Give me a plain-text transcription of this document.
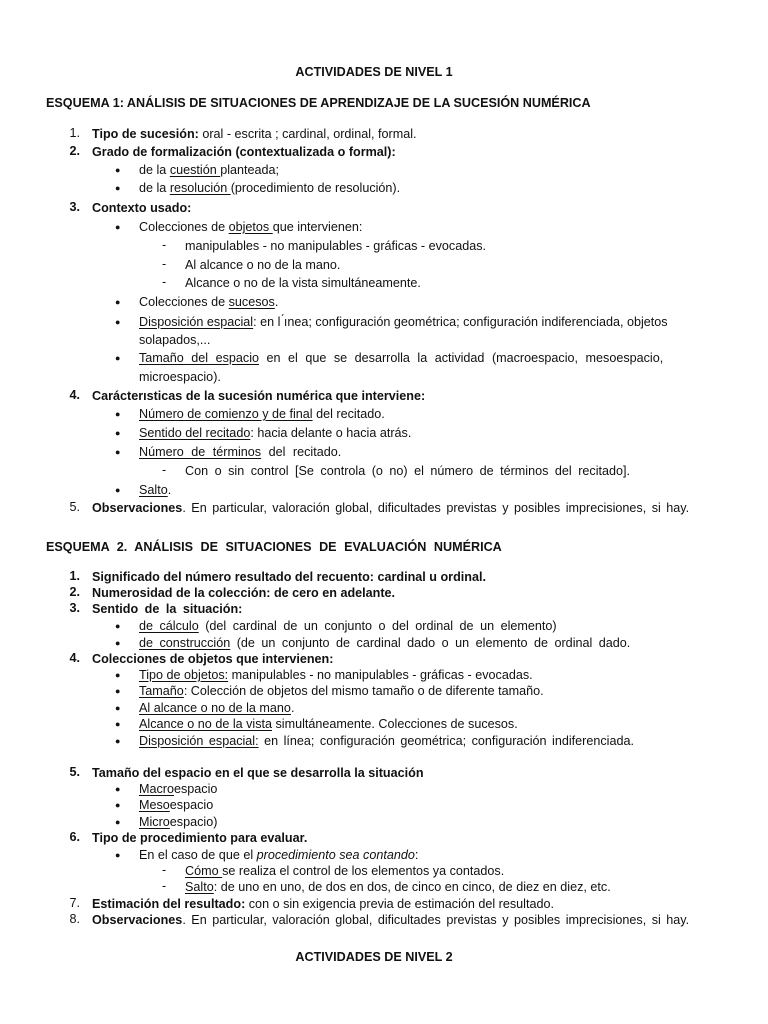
ACTIVIDADES DE NIVEL 1
ESQUEMA 1: ANÁLISIS DE SITUACIONES DE APRENDIZAJE DE LA SUCESIÓN NUMÉRICA
1. Tipo de sucesión: oral - escrita ; cardinal, ordinal, formal.
2. Grado de formalización (contextualizada o formal):
● de la cuestión planteada;
● de la resolución (procedimiento de resolución).
3. Contexto usado:
● Colecciones de objetos que intervienen:
- manipulables - no manipulables - gráficas - evocadas.
- Al alcance o no de la mano.
- Alcance o no de la vista simultáneamente.
● Colecciones de sucesos.
● Disposición espacial: en l ́ınea; configuración geométrica; configuración indiferenciada, objetos
solapados,...
● Tamaño del espacio en el que se desarrolla la actividad (macroespacio, mesoespacio,
microespacio).
4. Carácterısticas de la sucesión numérica que interviene:
● Número de comienzo y de final del recitado.
● Sentido del recitado: hacia delante o hacia atrás.
● Número de términos del recitado.
- Con o sin control [Se controla (o no) el número de términos del recitado].
● Salto.
5. Observaciones. En particular, valoración global, dificultades previstas y posibles imprecisiones, si hay.
ESQUEMA 2. ANÁLISIS DE SITUACIONES DE EVALUACIÓN NUMÉRICA
1. Significado del número resultado del recuento: cardinal u ordinal.
2. Numerosidad de la colección: de cero en adelante.
3. Sentido de la situación:
● de cálculo (del cardinal de un conjunto o del ordinal de un elemento)
● de construcción (de un conjunto de cardinal dado o un elemento de ordinal dado.
4. Colecciones de objetos que intervienen:
● Tipo de objetos: manipulables - no manipulables - gráficas - evocadas.
● Tamaño: Colección de objetos del mismo tamaño o de diferente tamaño.
● Al alcance o no de la mano.
● Alcance o no de la vista simultáneamente. Colecciones de sucesos.
● Disposición espacial: en línea; configuración geométrica; configuración indiferenciada.
5. Tamaño del espacio en el que se desarrolla la situación
● Macroespacio
● Mesoespacio
● Microespacio)
6. Tipo de procedimiento para evaluar.
● En el caso de que el procedimiento sea contando:
- Cómo se realiza el control de los elementos ya contados.
- Salto: de uno en uno, de dos en dos, de cinco en cinco, de diez en diez, etc.
7. Estimación del resultado: con o sin exigencia previa de estimación del resultado.
8. Observaciones. En particular, valoración global, dificultades previstas y posibles imprecisiones, si hay.
ACTIVIDADES DE NIVEL 2
